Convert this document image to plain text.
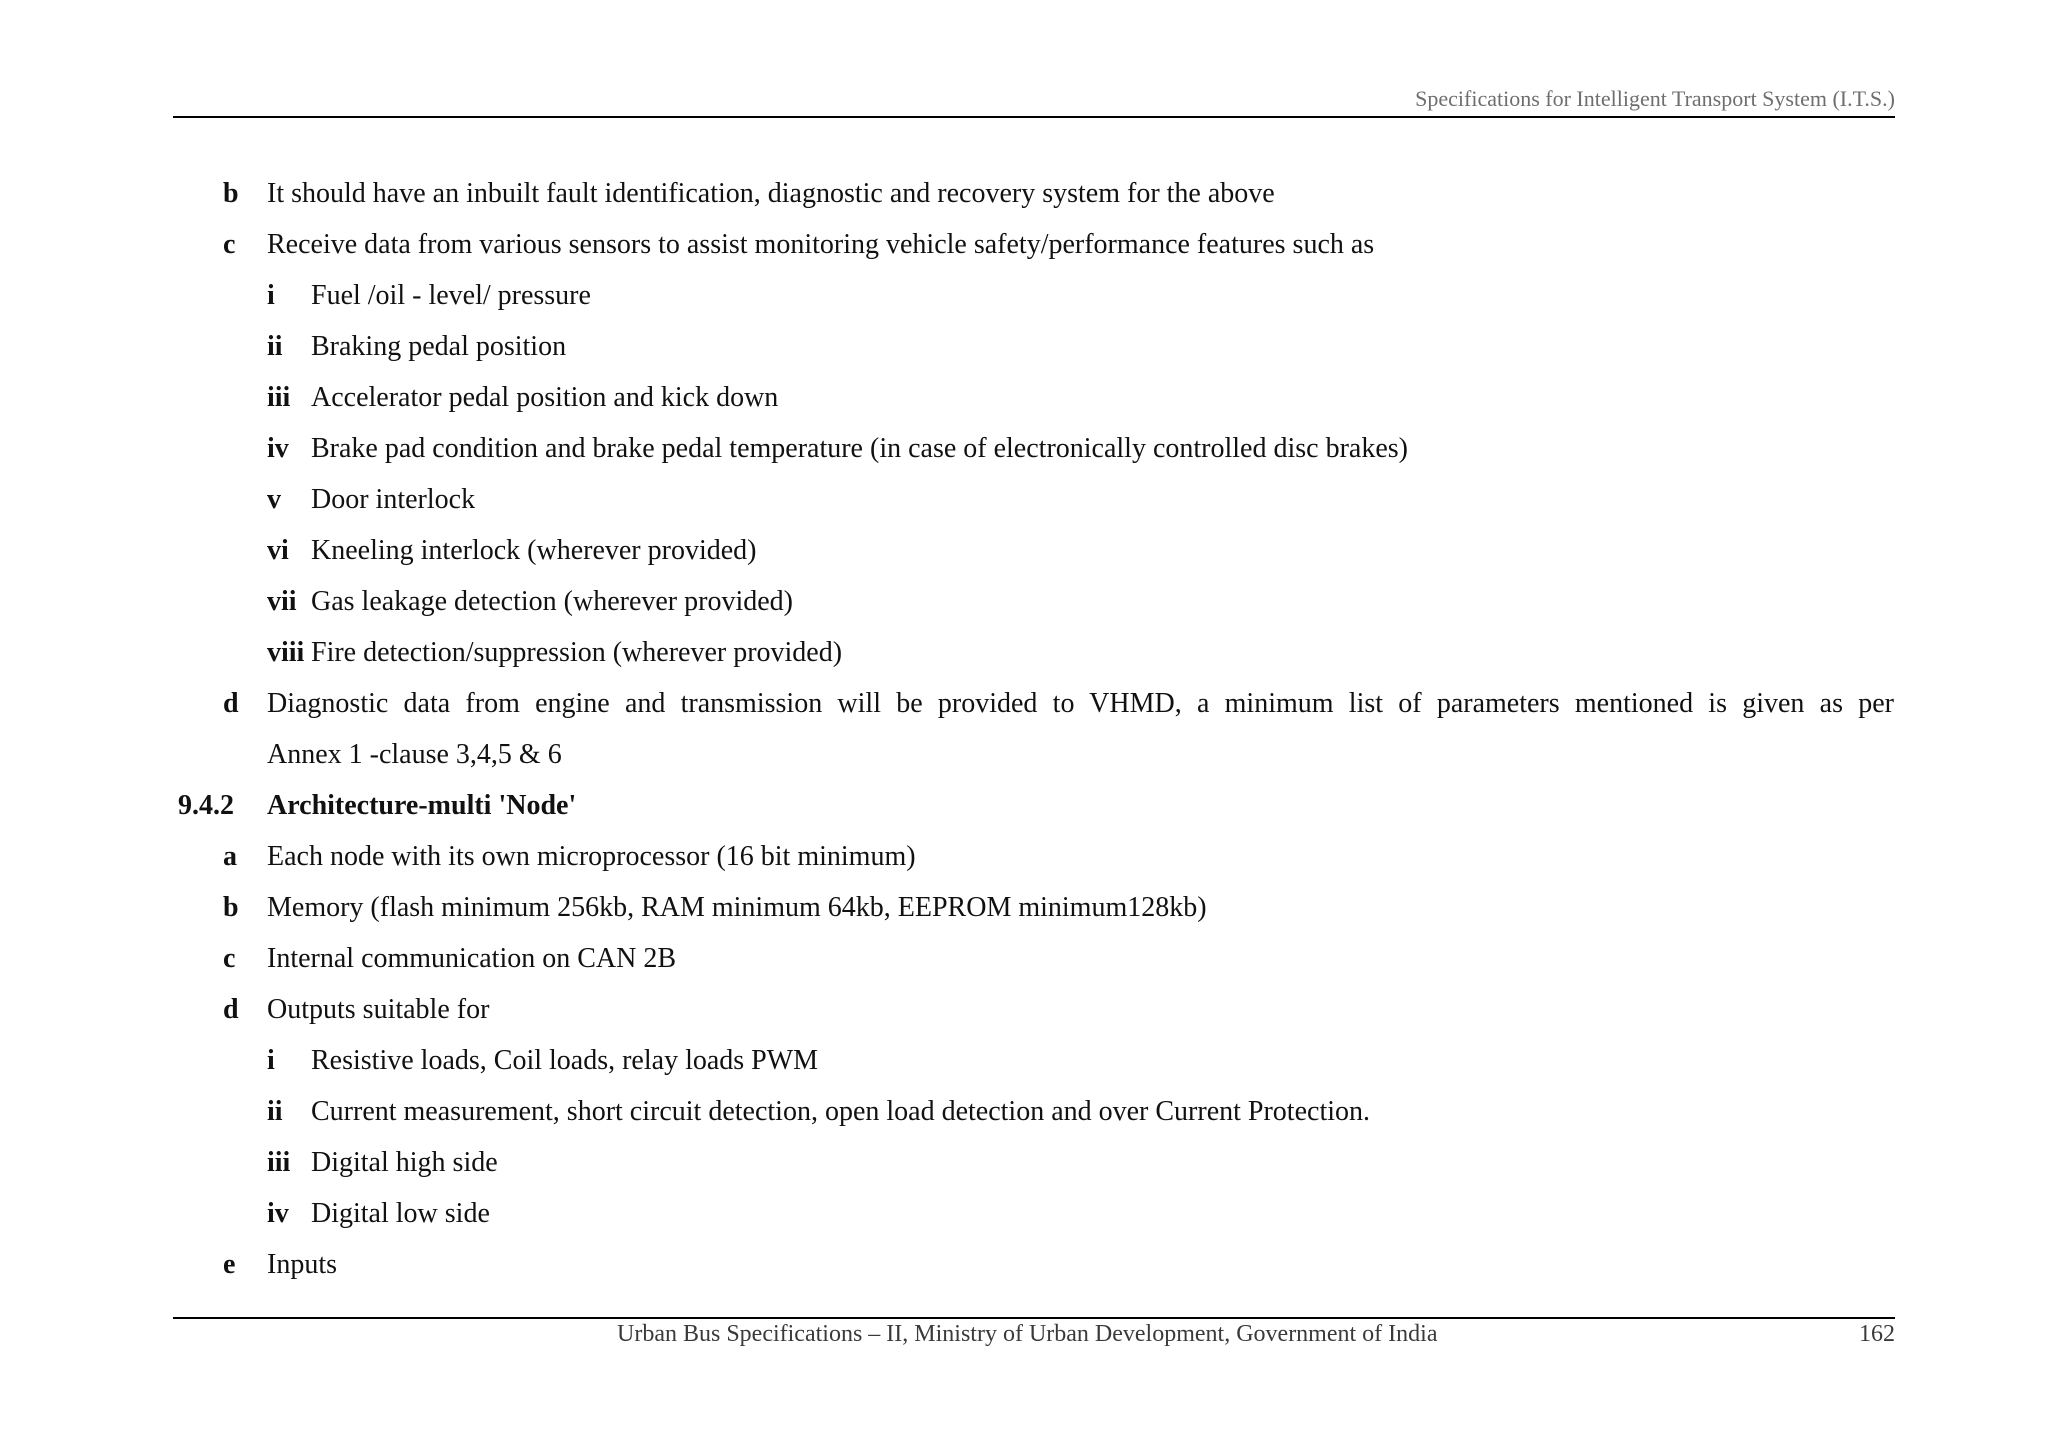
Specifications for Intelligent Transport System (I.T.S.)
b It should have an inbuilt fault identification, diagnostic and recovery system for the above
c Receive data from various sensors to assist monitoring vehicle safety/performance features such as
i Fuel /oil - level/ pressure
ii Braking pedal position
iii Accelerator pedal position and kick down
iv Brake pad condition and brake pedal temperature (in case of electronically controlled disc brakes)
v Door interlock
vi Kneeling interlock (wherever provided)
vii Gas leakage detection (wherever provided)
viii Fire detection/suppression (wherever provided)
d Diagnostic data from engine and transmission will be provided to VHMD, a minimum list of parameters mentioned is given as per
Annex 1 -clause 3,4,5 & 6
9.4.2 Architecture-multi 'Node'
a Each node with its own microprocessor (16 bit minimum)
b Memory (flash minimum 256kb, RAM minimum 64kb, EEPROM minimum128kb)
c Internal communication on CAN 2B
d Outputs suitable for
i Resistive loads, Coil loads, relay loads PWM
ii Current measurement, short circuit detection, open load detection and over Current Protection.
iii Digital high side
iv Digital low side
e Inputs
Urban Bus Specifications – II, Ministry of Urban Development, Government of India	162
